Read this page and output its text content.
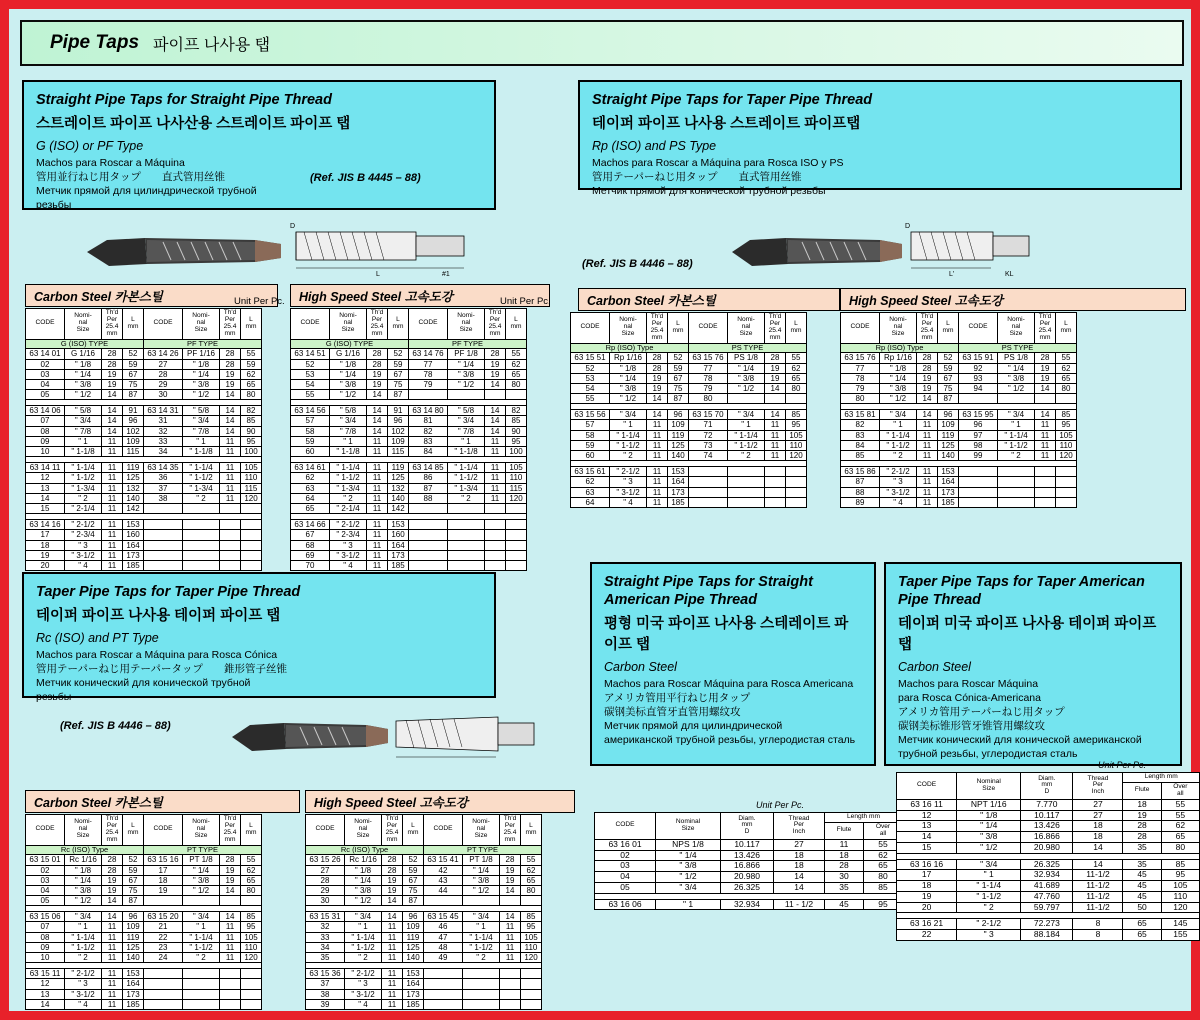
Pipe Taps 파이프 나사용 탭
Straight Pipe Taps for Straight Pipe Thread
스트레이트 파이프 나사산용 스트레이트 파이프 탭
G (ISO) or PF Type
Machos para Roscar a Máquina
管用並行ねじ用タップ　　直式管用丝锥
Метчик прямой для цилиндрической трубной
резьбы
(Ref. JIS B 4445 – 88)
Straight Pipe Taps for Taper Pipe Thread
테이퍼 파이프 나사용 스트레이트 파이프탭
Rp (ISO) and PS Type
Machos para Roscar a Máquina para Rosca ISO y PS
管用テーパーねじ用タップ　　直式管用丝锥
Метчик прямой для конической трубной резьбы
(Ref. JIS B 4446 – 88)
L
D
#1	L'	KL
D
Carbon Steel 카본스틸	High Speed Steel 고속도강
Unit Per Pc.	Unit Per Pc.
CODE	Nomi-
nal
Size	Th'd
Per
25.4
mm	L
mm	CODE	Nomi-
nal
Size	Th'd
Per
25.4
mm	L
mm
G (ISO) TYPE				PF TYPE			
63 14 01	G 1/16	28	52	63 14 26	PF 1/16	28	55
02	" 1/8	28	59	27	" 1/8	28	59
03	" 1/4	19	67	28	" 1/4	19	62
04	" 3/8	19	75	29	" 3/8	19	65
05	" 1/2	14	87	30	" 1/2	14	80

63 14 06	" 5/8	14	91	63 14 31	" 5/8	14	82
07	" 3/4	14	96	31	" 3/4	14	85
08	" 7/8	14	102	32	" 7/8	14	90
09	" 1	11	109	33	" 1	11	95
10	" 1-1/8	11	115	34	" 1-1/8	11	100

63 14 11	" 1-1/4	11	119	63 14 35	" 1-1/4	11	105
12	" 1-1/2	11	125	36	" 1-1/2	11	110
13	" 1-3/4	11	132	37	" 1-3/4	11	115
14	" 2	11	140	38	" 2	11	120
15	" 2-1/4	11	142				

63 14 16	" 2-1/2	11	153				
17	" 2-3/4	11	160				
18	" 3	11	164				
19	" 3-1/2	11	173				
20	" 4	11	185				
CODE	Nomi-
nal
Size	Th'd
Per
25.4
mm	L
mm	CODE	Nomi-
nal
Size	Th'd
Per
25.4
mm	L
mm
G (ISO) TYPE				PF TYPE			
63 14 51	G 1/16	28	52	63 14 76	PF 1/8	28	55
52	" 1/8	28	59	77	" 1/4	19	62
53	" 1/4	19	67	78	" 3/8	19	65
54	" 3/8	19	75	79	" 1/2	14	80
55	" 1/2	14	87				

63 14 56	" 5/8	14	91	63 14 80	" 5/8	14	82
57	" 3/4	14	96	81	" 3/4	14	85
58	" 7/8	14	102	82	" 7/8	14	90
59	" 1	11	109	83	" 1	11	95
60	" 1-1/8	11	115	84	" 1-1/8	11	100

63 14 61	" 1-1/4	11	119	63 14 85	" 1-1/4	11	105
62	" 1-1/2	11	125	86	" 1-1/2	11	110
63	" 1-3/4	11	132	87	" 1-3/4	11	115
64	" 2	11	140	88	" 2	11	120
65	" 2-1/4	11	142				

63 14 66	" 2-1/2	11	153				
67	" 2-3/4	11	160				
68	" 3	11	164				
69	" 3-1/2	11	173				
70	" 4	11	185				
Carbon Steel 카본스틸	High Speed Steel 고속도강
CODE	Nomi-
nal
Size	Th'd
Per
25.4
mm	L
mm	CODE	Nomi-
nal
Size	Th'd
Per
25.4
mm	L
mm
Rp (ISO) Type				PS TYPE			
63 15 51	Rp 1/16	28	52	63 15 76	PS 1/8	28	55
52	" 1/8	28	59	77	" 1/4	19	62
53	" 1/4	19	67	78	" 3/8	19	65
54	" 3/8	19	75	79	" 1/2	14	80
55	" 1/2	14	87	80			

63 15 56	" 3/4	14	96	63 15 70	" 3/4	14	85
57	" 1	11	109	71	" 1	11	95
58	" 1-1/4	11	119	72	" 1-1/4	11	105
59	" 1-1/2	11	125	73	" 1-1/2	11	110
60	" 2	11	140	74	" 2	11	120

63 15 61	" 2-1/2	11	153				
62	" 3	11	164				
63	" 3-1/2	11	173				
64	" 4	11	185				
CODE	Nomi-
nal
Size	Th'd
Per
25.4
mm	L
mm	CODE	Nomi-
nal
Size	Th'd
Per
25.4
mm	L
mm
Rp (ISO) Type				PS TYPE			
63 15 76	Rp 1/16	28	52	63 15 91	PS 1/8	28	55
77	" 1/8	28	59	92	" 1/4	19	62
78	" 1/4	19	67	93	" 3/8	19	65
79	" 3/8	19	75	94	" 1/2	14	80
80	" 1/2	14	87				

63 15 81	" 3/4	14	96	63 15 95	" 3/4	14	85
82	" 1	11	109	96	" 1	11	95
83	" 1-1/4	11	119	97	" 1-1/4	11	105
84	" 1-1/2	11	125	98	" 1-1/2	11	110
85	" 2	11	140	99	" 2	11	120

63 15 86	" 2-1/2	11	153				
87	" 3	11	164				
88	" 3-1/2	11	173				
89	" 4	11	185				
Taper Pipe Taps for Taper Pipe Thread
테이퍼 파이프 나사용 테이퍼 파이프 탭
Rc (ISO) and PT Type
Machos para Roscar a Máquina para Rosca Cónica
管用テーパーねじ用テーパータップ　　錐形管子丝锥
Метчик конический для конической трубной
резьбы
(Ref. JIS B 4446 – 88)
Carbon Steel 카본스틸	High Speed Steel 고속도강
CODE	Nomi-
nal
Size	Th'd
Per
25.4
mm	L
mm	CODE	Nomi-
nal
Size	Th'd
Per
25.4
mm	L
mm
Rc (ISO) Type				PT TYPE			
63 15 01	Rc 1/16	28	52	63 15 16	PT 1/8	28	55
02	" 1/8	28	59	17	" 1/4	19	62
03	" 1/4	19	67	18	" 3/8	19	65
04	" 3/8	19	75	19	" 1/2	14	80
05	" 1/2	14	87				

63 15 06	" 3/4	14	96	63 15 20	" 3/4	14	85
07	" 1	11	109	21	" 1	11	95
08	" 1-1/4	11	119	22	" 1-1/4	11	105
09	" 1-1/2	11	125	23	" 1-1/2	11	110
10	" 2	11	140	24	" 2	11	120

63 15 11	" 2-1/2	11	153				
12	" 3	11	164				
13	" 3-1/2	11	173				
14	" 4	11	185				
CODE	Nomi-
nal
Size	Th'd
Per
25.4
mm	L
mm	CODE	Nomi-
nal
Size	Th'd
Per
25.4
mm	L
mm
Rc (ISO) Type				PT TYPE			
63 15 26	Rc 1/16	28	52	63 15 41	PT 1/8	28	55
27	" 1/8	28	59	42	" 1/4	19	62
28	" 1/4	19	67	43	" 3/8	19	65
29	" 3/8	19	75	44	" 1/2	14	80
30	" 1/2	14	87				

63 15 31	" 3/4	14	96	63 15 45	" 3/4	14	85
32	" 1	11	109	46	" 1	11	95
33	" 1-1/4	11	119	47	" 1-1/4	11	105
34	" 1-1/2	11	125	48	" 1-1/2	11	110
35	" 2	11	140	49	" 2	11	120

63 15 36	" 2-1/2	11	153				
37	" 3	11	164				
38	" 3-1/2	11	173				
39	" 4	11	185				
Straight Pipe Taps for Straight American Pipe Thread
평형 미국 파이프 나사용 스테레이트 파이프 탭
Carbon Steel
Machos para Roscar Máquina para Rosca Americana
アメリカ管用平行ねじ用タップ
碳钢美标直管牙直管用螺纹攻
Метчик прямой для цилиндрической
американской трубной резьбы, углеродистая сталь
Taper Pipe Taps for Taper American Pipe Thread
테이퍼 미국 파이프 나사용 테이퍼 파이프 탭
Carbon Steel
Machos para Roscar Máquina
para Rosca Cónica-Americana
アメリカ管用テーパーねじ用タップ
碳钢美标锥形管牙锥管用螺纹攻
Метчик конический для конической американской
трубной резьбы, углеродистая сталь
Unit Per Pc.
Unit Per Pc.
CODE	Nominal
Size	Diam.
mm
D	Thread
Per
Inch	Length mm	
				Flute	Over
all
63 16 01	NPS 1/8	10.117	27	11	55
02	" 1/4	13.426	18	18	62
03	" 3/8	16.866	18	28	65
04	" 1/2	20.980	14	30	80
05	" 3/4	26.325	14	35	85

63 16 06	" 1	32.934	11 - 1/2	45	95
CODE	Nominal
Size	Diam.
mm
D	Thread
Per
Inch	Length mm	
				Flute	Over
all
63 16 11	NPT 1/16	7.770	27	18	55
12	" 1/8	10.117	27	19	55
13	" 1/4	13.426	18	28	62
14	" 3/8	16.866	18	28	65
15	" 1/2	20.980	14	35	80

63 16 16	" 3/4	26.325	14	35	85
17	" 1	32.934	11-1/2	45	95
18	" 1-1/4	41.689	11-1/2	45	105
19	" 1-1/2	47.760	11-1/2	45	110
20	" 2	59.797	11-1/2	50	120

63 16 21	" 2-1/2	72.273	8	65	145
22	" 3	88.184	8	65	155
